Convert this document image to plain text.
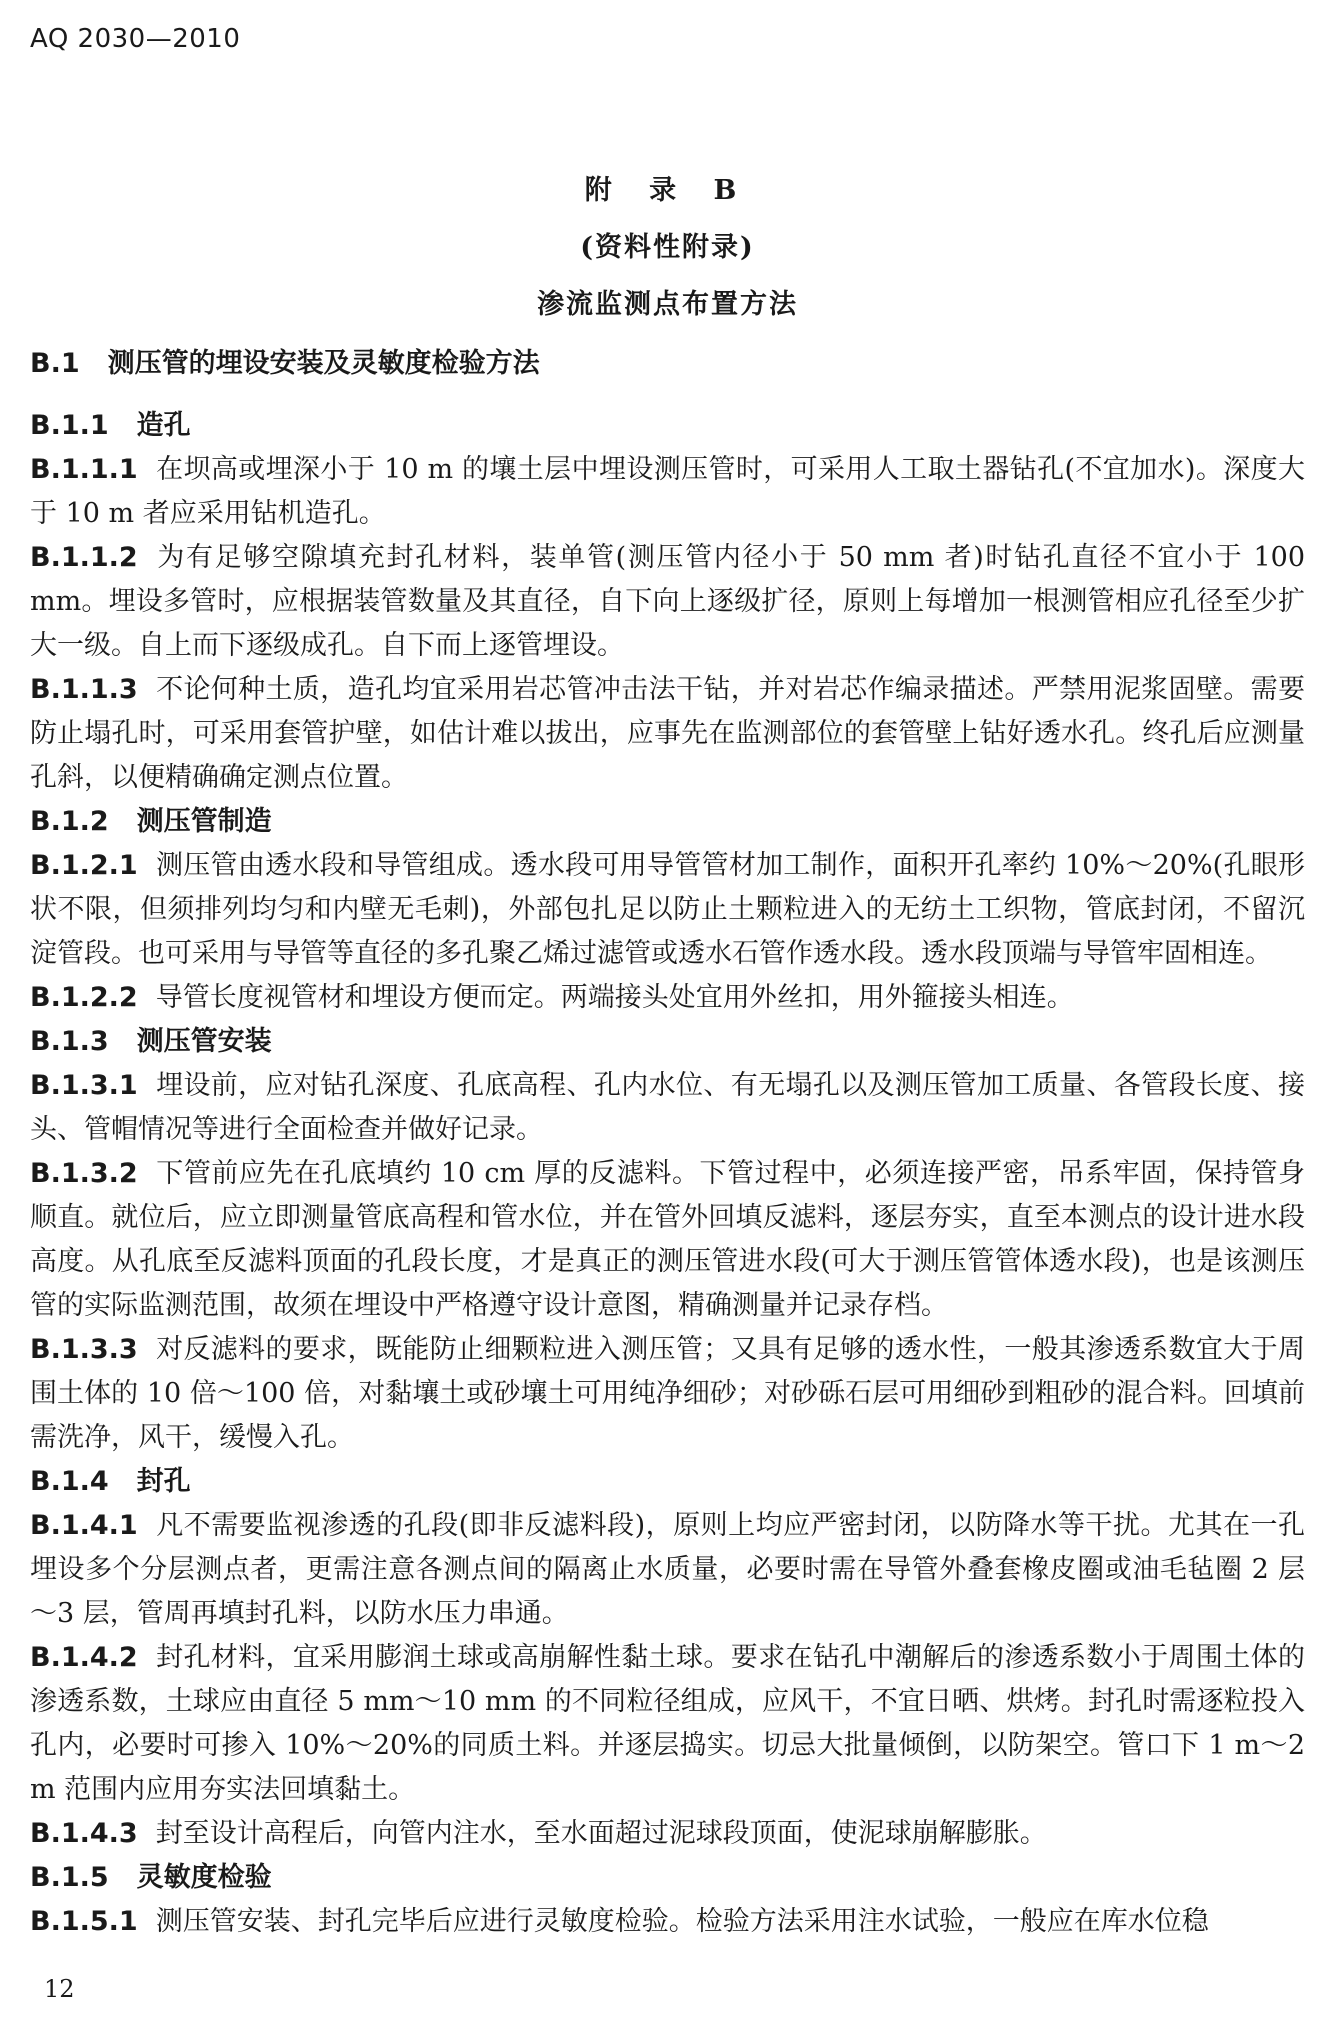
AQ 2030—2010
附 录 B
(资料性附录)
渗流监测点布置方法
B.1 测压管的埋设安装及灵敏度检验方法
B.1.1 造孔
B.1.1.1 在坝高或埋深小于 10 m 的壤土层中埋设测压管时，可采用人工取土器钻孔(不宜加水)。深度大于 10 m 者应采用钻机造孔。
B.1.1.2 为有足够空隙填充封孔材料，装单管(测压管内径小于 50 mm 者)时钻孔直径不宜小于 100 mm。埋设多管时，应根据装管数量及其直径，自下向上逐级扩径，原则上每增加一根测管相应孔径至少扩大一级。自上而下逐级成孔。自下而上逐管埋设。
B.1.1.3 不论何种土质，造孔均宜采用岩芯管冲击法干钻，并对岩芯作编录描述。严禁用泥浆固壁。需要防止塌孔时，可采用套管护壁，如估计难以拔出，应事先在监测部位的套管壁上钻好透水孔。终孔后应测量孔斜，以便精确确定测点位置。
B.1.2 测压管制造
B.1.2.1 测压管由透水段和导管组成。透水段可用导管管材加工制作，面积开孔率约 10%～20%(孔眼形状不限，但须排列均匀和内壁无毛刺)，外部包扎足以防止土颗粒进入的无纺土工织物，管底封闭，不留沉淀管段。也可采用与导管等直径的多孔聚乙烯过滤管或透水石管作透水段。透水段顶端与导管牢固相连。
B.1.2.2 导管长度视管材和埋设方便而定。两端接头处宜用外丝扣，用外箍接头相连。
B.1.3 测压管安装
B.1.3.1 埋设前，应对钻孔深度、孔底高程、孔内水位、有无塌孔以及测压管加工质量、各管段长度、接头、管帽情况等进行全面检查并做好记录。
B.1.3.2 下管前应先在孔底填约 10 cm 厚的反滤料。下管过程中，必须连接严密，吊系牢固，保持管身顺直。就位后，应立即测量管底高程和管水位，并在管外回填反滤料，逐层夯实，直至本测点的设计进水段高度。从孔底至反滤料顶面的孔段长度，才是真正的测压管进水段(可大于测压管管体透水段)，也是该测压管的实际监测范围，故须在埋设中严格遵守设计意图，精确测量并记录存档。
B.1.3.3 对反滤料的要求，既能防止细颗粒进入测压管；又具有足够的透水性，一般其渗透系数宜大于周围土体的 10 倍～100 倍，对黏壤土或砂壤土可用纯净细砂；对砂砾石层可用细砂到粗砂的混合料。回填前需洗净，风干，缓慢入孔。
B.1.4 封孔
B.1.4.1 凡不需要监视渗透的孔段(即非反滤料段)，原则上均应严密封闭，以防降水等干扰。尤其在一孔埋设多个分层测点者，更需注意各测点间的隔离止水质量，必要时需在导管外叠套橡皮圈或油毛毡圈 2 层～3 层，管周再填封孔料，以防水压力串通。
B.1.4.2 封孔材料，宜采用膨润土球或高崩解性黏土球。要求在钻孔中潮解后的渗透系数小于周围土体的渗透系数，土球应由直径 5 mm～10 mm 的不同粒径组成，应风干，不宜日晒、烘烤。封孔时需逐粒投入孔内，必要时可掺入 10%～20%的同质土料。并逐层捣实。切忌大批量倾倒，以防架空。管口下 1 m～2 m 范围内应用夯实法回填黏土。
B.1.4.3 封至设计高程后，向管内注水，至水面超过泥球段顶面，使泥球崩解膨胀。
B.1.5 灵敏度检验
B.1.5.1 测压管安装、封孔完毕后应进行灵敏度检验。检验方法采用注水试验，一般应在库水位稳
12
